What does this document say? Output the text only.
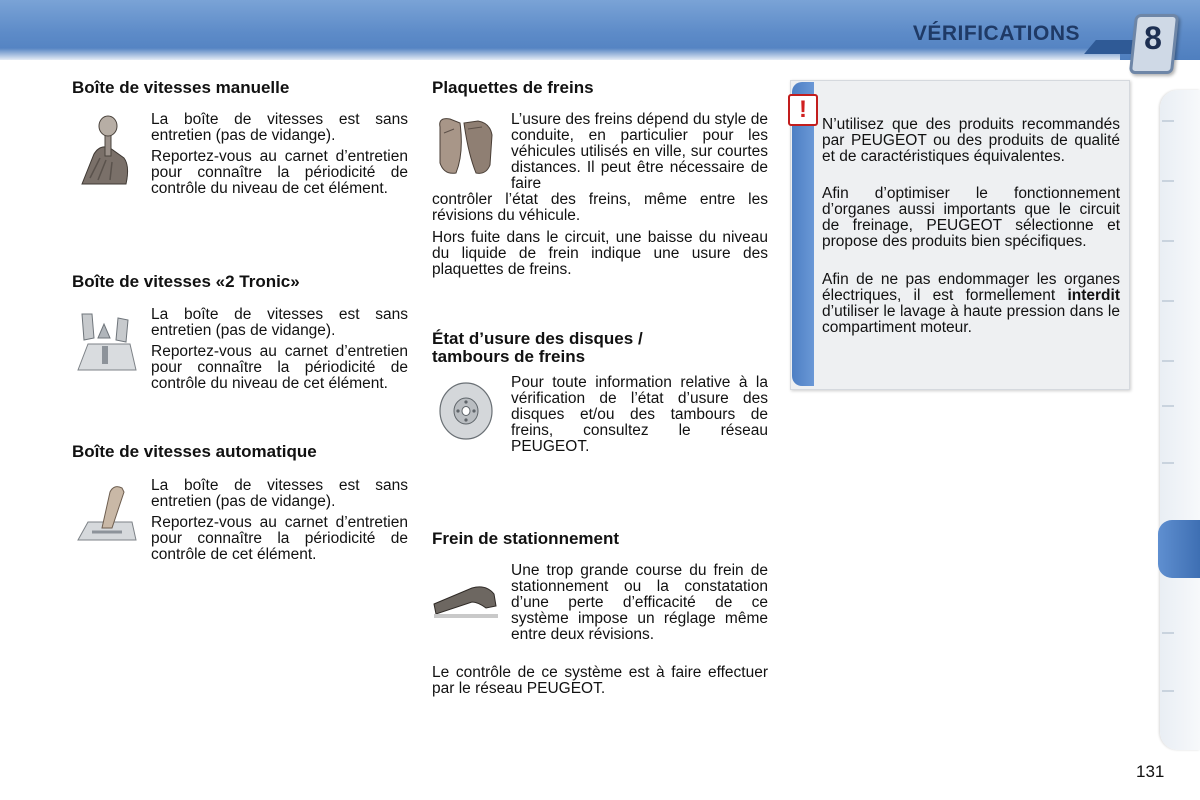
VÉRIFICATIONS	8
Boîte de vitesses manuelle

La boîte de vitesses est sans entretien (pas de vidange).

Reportez-vous au carnet d’entretien pour connaître la périodicité de contrôle du niveau de cet élément.

Boîte de vitesses «2 Tronic»

La boîte de vitesses est sans entretien (pas de vidange).

Reportez-vous au carnet d’entretien pour connaître la périodicité de contrôle du niveau de cet élément.

Boîte de vitesses automatique

La boîte de vitesses est sans entretien (pas de vidange).

Reportez-vous au carnet d’entretien pour connaître la périodicité de contrôle de cet élément.

Plaquettes de freins

L’usure des freins dépend du style de conduite, en particulier pour les véhicules utilisés en ville, sur courtes distances. Il peut être nécessaire de faire

contrôler l’état des freins, même entre les révisions du véhicule.

Hors fuite dans le circuit, une baisse du niveau du liquide de frein indique une usure des plaquettes de freins.

État d’usure des disques /
tambours de freins

Pour toute information relative à la vérification de l’état d’usure des disques et/ou des tambours de freins, consultez le réseau PEUGEOT.

Frein de stationnement

Une trop grande course du frein de stationnement ou la constatation d’une perte d’efficacité de ce système impose un réglage même entre deux révisions.

Le contrôle de ce système est à faire effectuer par le réseau PEUGEOT.

!

N’utilisez que des produits recommandés par PEUGEOT ou des produits de qualité et de caractéristiques équivalentes.

Afin d’optimiser le fonctionnement d’organes aussi importants que le circuit de freinage, PEUGEOT sélectionne et propose des produits bien spécifiques.

Afin de ne pas endommager les organes électriques, il est formellement interdit d’utiliser le lavage à haute pression dans le compartiment moteur.

131
